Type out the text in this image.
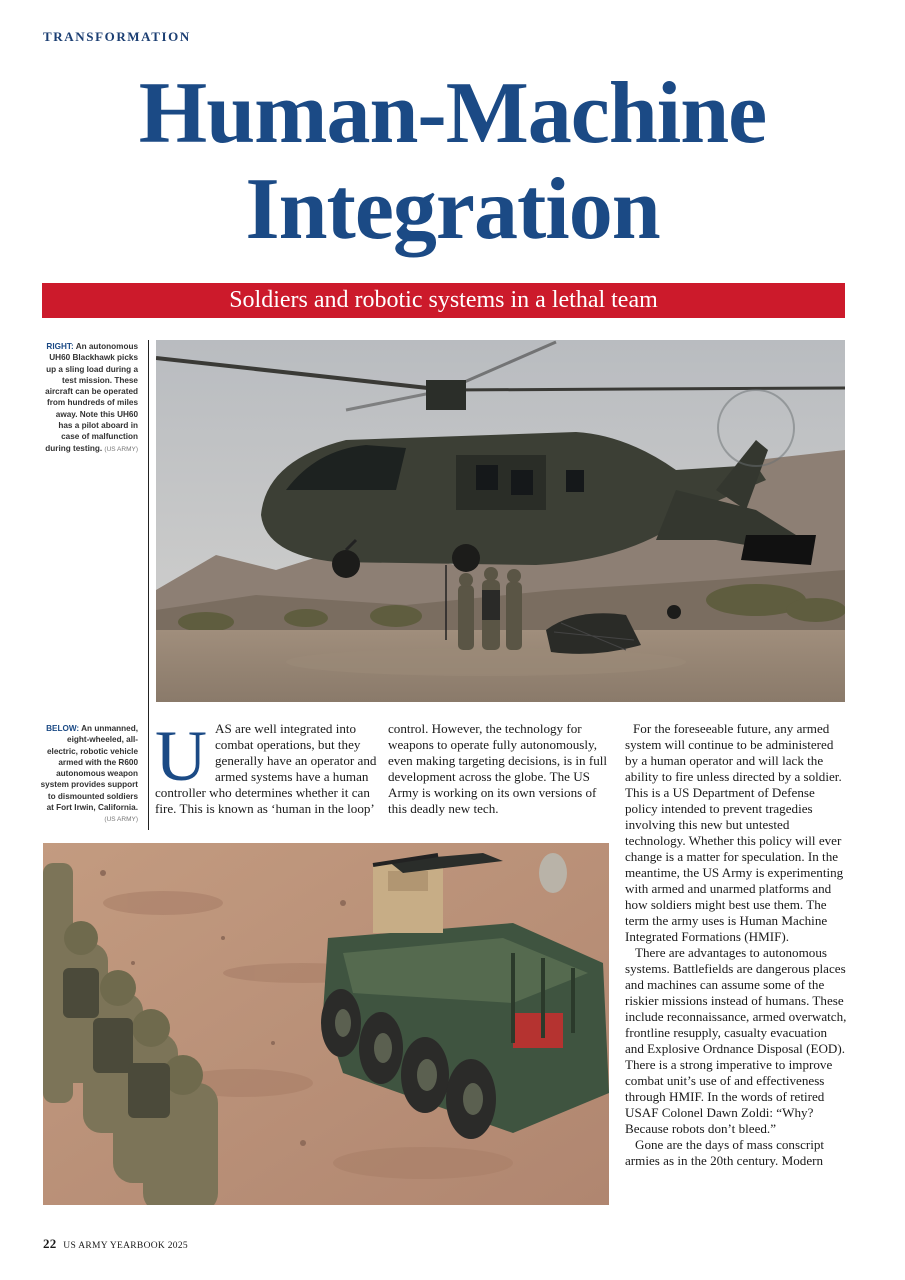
TRANSFORMATION
Human-Machine
Integration
Soldiers and robotic systems in a lethal team
RIGHT: An autonomous UH60 Blackhawk picks up a sling load during a test mission. These aircraft can be operated from hundreds of miles away. Note this UH60 has a pilot aboard in case of malfunction during testing. (US ARMY)
BELOW: An unmanned, eight-wheeled, all-electric, robotic vehicle armed with the R600 autonomous weapon system provides support to dismounted soldiers at Fort Irwin, California. (US ARMY)
U AS are well integrated into combat operations, but they generally have an operator and armed systems have a human controller who determines whether it can fire. This is known as ‘human in the loop’
control. However, the technology for weapons to operate fully autonomously, even making targeting decisions, is in full development across the globe. The US Army is working on its own versions of this deadly new tech.

For the foreseeable future, any armed system will continue to be administered by a human operator and will lack the ability to fire unless directed by a soldier. This is a US Department of Defense policy intended to prevent tragedies involving this new but untested technology. Whether this policy will ever change is a matter for speculation. In the meantime, the US Army is experimenting with armed and unarmed platforms and how soldiers might best use them. The term the army uses is Human Machine Integrated Formations (HMIF).

There are advantages to autonomous systems. Battlefields are dangerous places and machines can assume some of the riskier missions instead of humans. These include reconnaissance, armed overwatch, frontline resupply, casualty evacuation and Explosive Ordnance Disposal (EOD). There is a strong imperative to improve combat unit’s use of and effectiveness through HMIF. In the words of retired USAF Colonel Dawn Zoldi: “Why? Because robots don’t bleed.”

Gone are the days of mass conscript armies as in the 20th century. Modern

22 US ARMY YEARBOOK 2025
